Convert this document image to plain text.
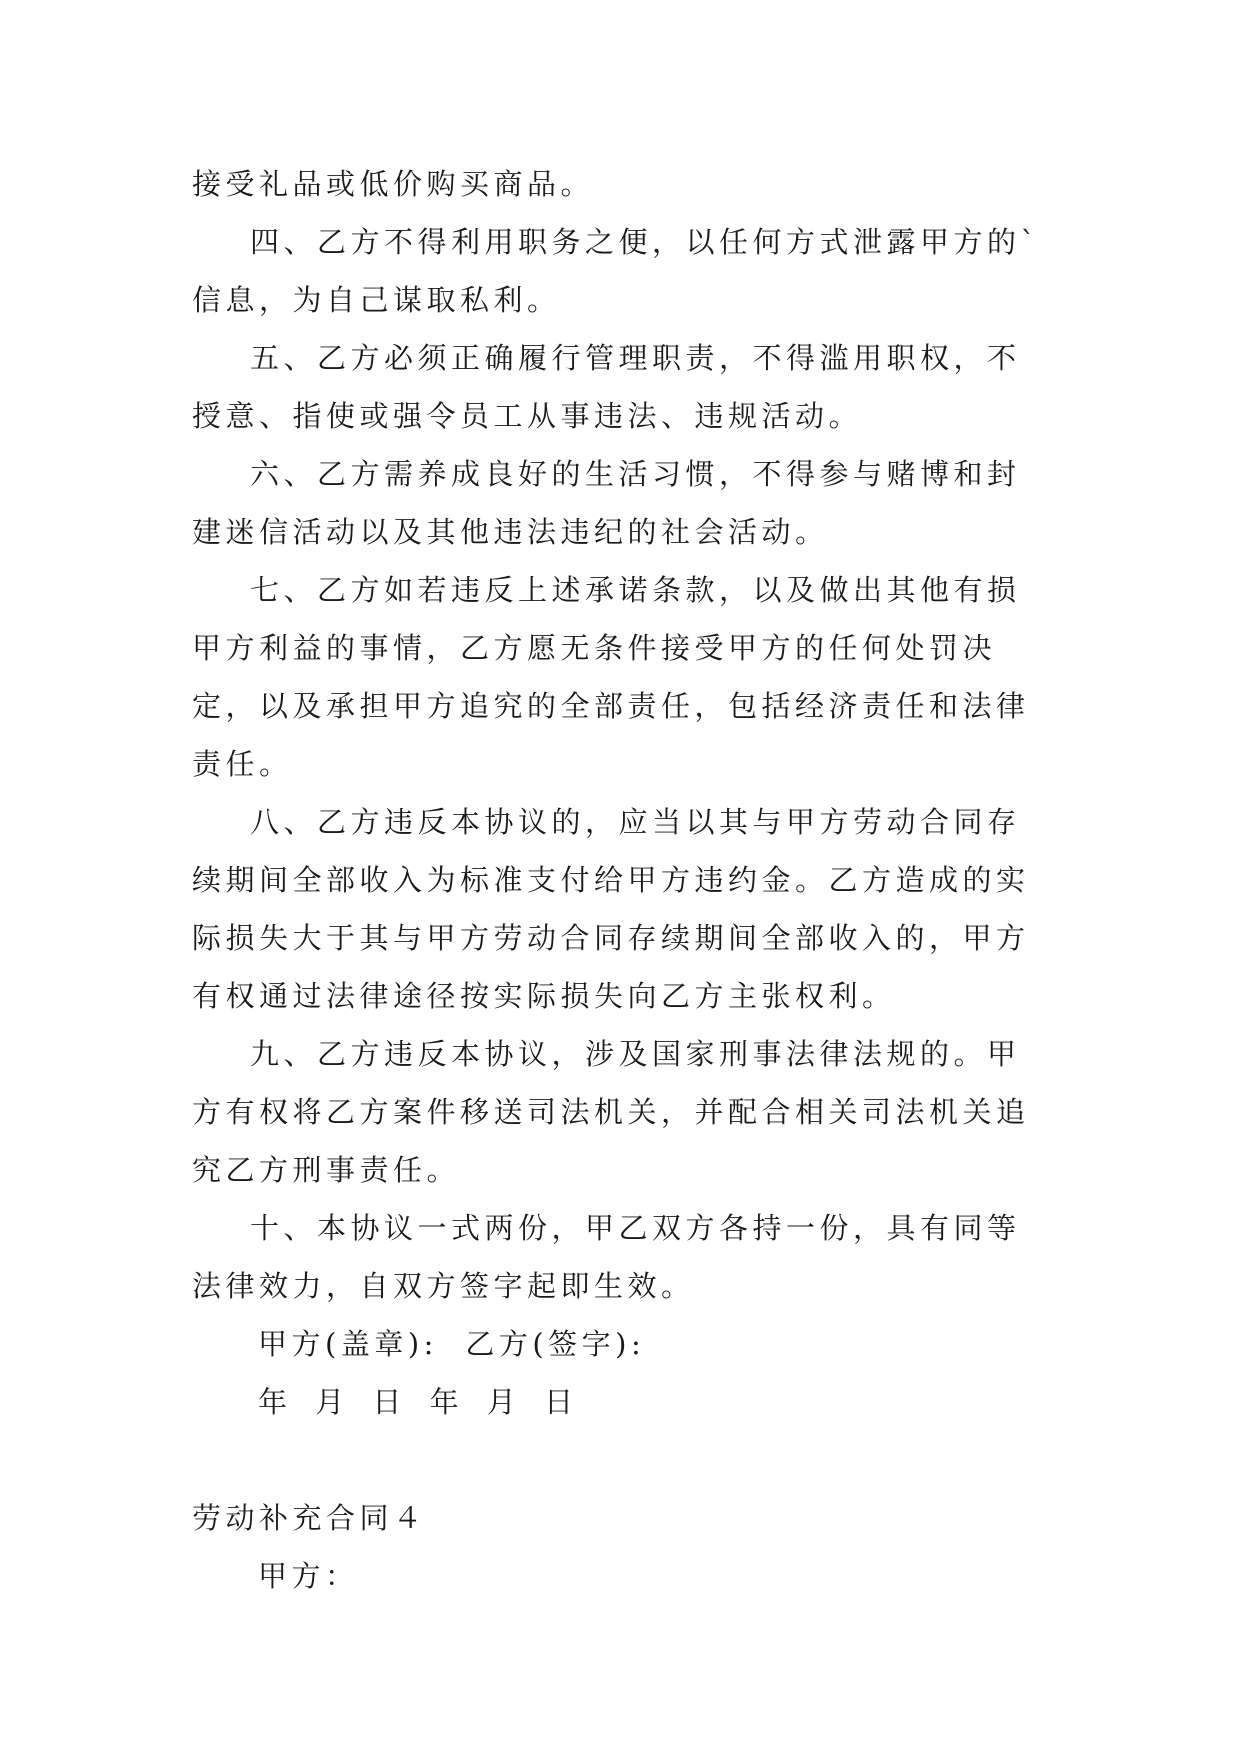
接受礼品或低价购买商品。

四、乙方不得利用职务之便，以任何方式泄露甲方的`信息，为自己谋取私利。

五、乙方必须正确履行管理职责，不得滥用职权，不授意、指使或强令员工从事违法、违规活动。

六、乙方需养成良好的生活习惯，不得参与赌博和封建迷信活动以及其他违法违纪的社会活动。

七、乙方如若违反上述承诺条款，以及做出其他有损甲方利益的事情，乙方愿无条件接受甲方的任何处罚决定，以及承担甲方追究的全部责任，包括经济责任和法律责任。

八、乙方违反本协议的，应当以其与甲方劳动合同存续期间全部收入为标准支付给甲方违约金。乙方造成的实际损失大于其与甲方劳动合同存续期间全部收入的，甲方有权通过法律途径按实际损失向乙方主张权利。

九、乙方违反本协议，涉及国家刑事法律法规的。甲方有权将乙方案件移送司法机关，并配合相关司法机关追究乙方刑事责任。

十、本协议一式两份，甲乙双方各持一份，具有同等法律效力，自双方签字起即生效。

甲方(盖章):  乙方(签字):

年 月 日 年 月 日

劳动补充合同４

甲方：
